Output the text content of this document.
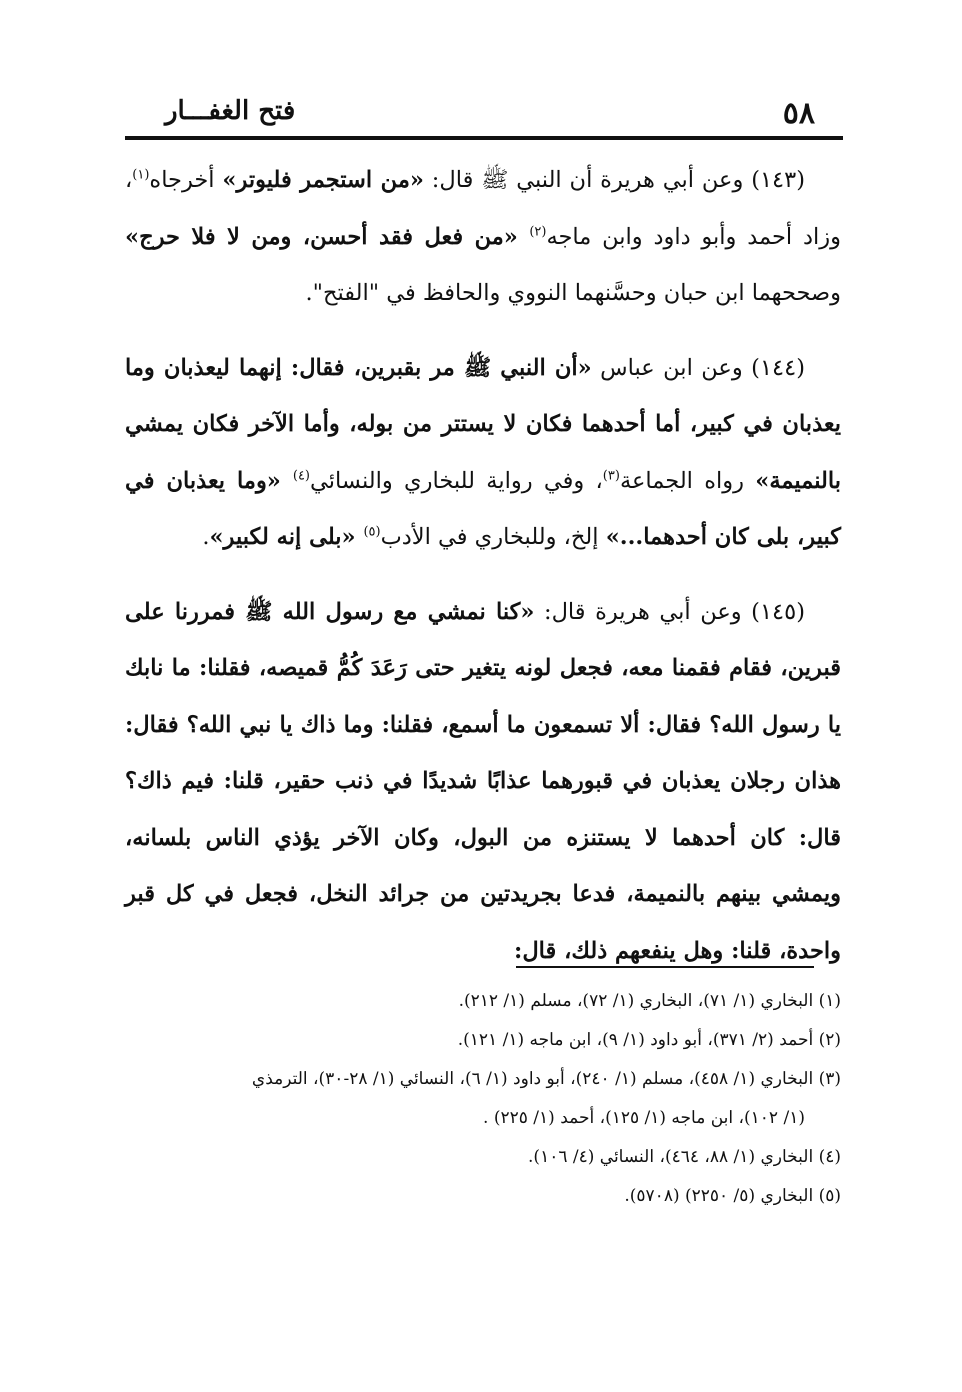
٥٨
فتح الغفـــار

(١٤٣) وعن أبي هريرة أن النبي ﷺ قال: «من استجمر فليوتر» أخرجاه$^{(١)}$، وزاد أحمد وأبو داود وابن ماجه$^{(٢)}$ «من فعل فقد أحسن، ومن لا فلا حرج» وصححهما ابن حبان وحسَّنهما النووي والحافظ في "الفتح".

(١٤٤) وعن ابن عباس «أن النبي ﷺ مر بقبرين، فقال: إنهما ليعذبان وما يعذبان في كبير، أما أحدهما فكان لا يستتر من بوله، وأما الآخر فكان يمشي بالنميمة» رواه الجماعة$^{(٣)}$، وفي رواية للبخاري والنسائي$^{(٤)}$ «وما يعذبان في كبير، بلى كان أحدهما...» إلخ، وللبخاري في الأدب$^{(٥)}$ «بلى إنه لكبير».

(١٤٥) وعن أبي هريرة قال: «كنا نمشي مع رسول الله ﷺ فمررنا على قبرين، فقام فقمنا معه، فجعل لونه يتغير حتى رَعَدَ كُمُّ قميصه، فقلنا: ما نابك يا رسول الله؟ فقال: ألا تسمعون ما أسمع، فقلنا: وما ذاك يا نبي الله؟ فقال: هذان رجلان يعذبان في قبورهما عذابًا شديدًا في ذنب حقير، قلنا: فيم ذاك؟ قال: كان أحدهما لا يستنزه من البول، وكان الآخر يؤذي الناس بلسانه، ويمشي بينهم بالنميمة، فدعا بجريدتين من جرائد النخل، فجعل في كل قبر واحدة، قلنا: وهل ينفعهم ذلك، قال:

(١) البخاري (١/ ٧١)، البخاري (١/ ٧٢)، مسلم (١/ ٢١٢).
(٢) أحمد (٢/ ٣٧١)، أبو داود (١/ ٩)، ابن ماجه (١/ ١٢١).
(٣) البخاري (١/ ٤٥٨)، مسلم (١/ ٢٤٠)، أبو داود (١/ ٦)، النسائي (١/ ٢٨-٣٠)، الترمذي
(١/ ١٠٢)، ابن ماجه (١/ ١٢٥)، أحمد (١/ ٢٢٥) .
(٤) البخاري (١/ ٨٨، ٤٦٤)، النسائي (٤/ ١٠٦).
(٥) البخاري (٥/ ٢٢٥٠) (٥٧٠٨).
